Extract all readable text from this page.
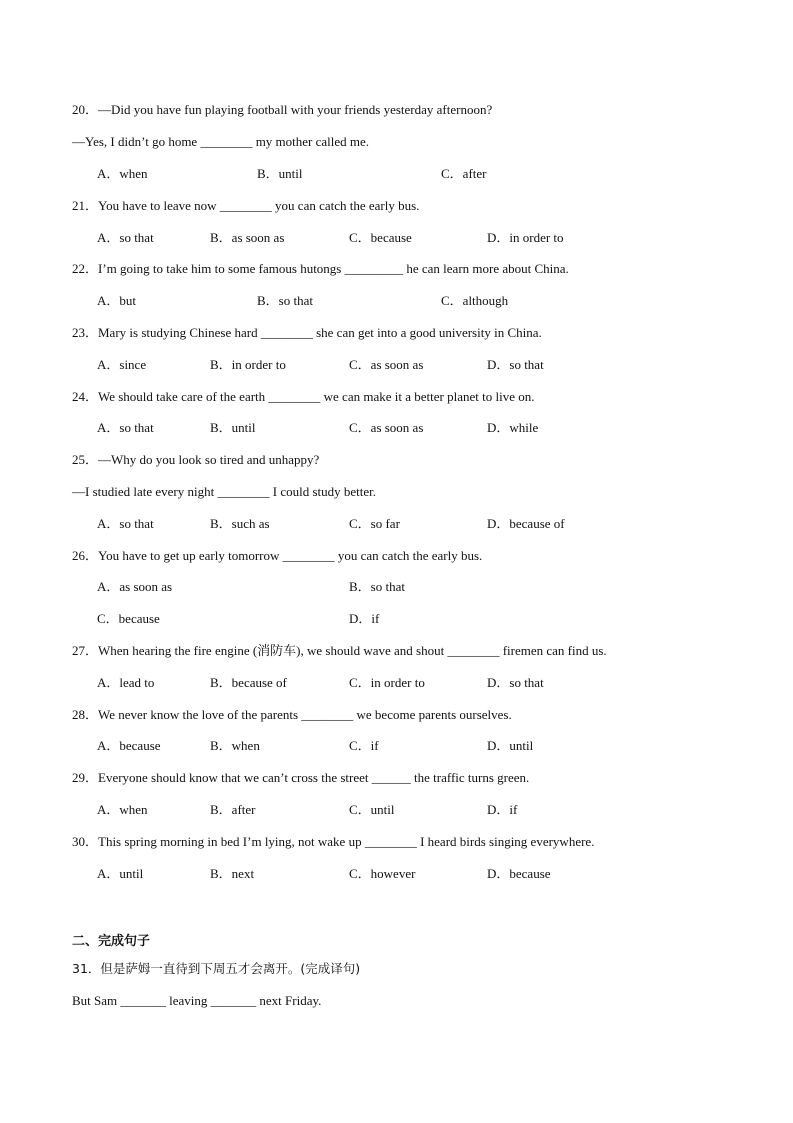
20．—Did you have fun playing football with your friends yesterday afternoon?
—Yes, I didn’t go home ________ my mother called me.
A．when	B．until	C．after
21．You have to leave now ________ you can catch the early bus.
A．so that	B．as soon as	C．because	D．in order to
22．I’m going to take him to some famous hutongs _________ he can learn more about China.
A．but	B．so that	C．although
23．Mary is studying Chinese hard ________ she can get into a good university in China.
A．since	B．in order to	C．as soon as	D．so that
24．We should take care of the earth ________ we can make it a better planet to live on.
A．so that	B．until	C．as soon as	D．while
25．—Why do you look so tired and unhappy?
—I studied late every night ________ I could study better.
A．so that	B．such as	C．so far	D．because of
26．You have to get up early tomorrow ________ you can catch the early bus.
A．as soon as	B．so that
C．because	D．if
27．When hearing the fire engine (消防车), we should wave and shout ________ firemen can find us.
A．lead to	B．because of	C．in order to	D．so that
28．We never know the love of the parents ________ we become parents ourselves.
A．because	B．when	C．if	D．until
29．Everyone should know that we can’t cross the street ______ the traffic turns green.
A．when	B．after	C．until	D．if
30．This spring morning in bed I’m lying, not wake up ________ I heard birds singing everywhere.
A．until	B．next	C．however	D．because
二、完成句子
31．但是萨姆一直待到下周五才会离开。(完成译句)
But Sam _______ leaving _______ next Friday.
